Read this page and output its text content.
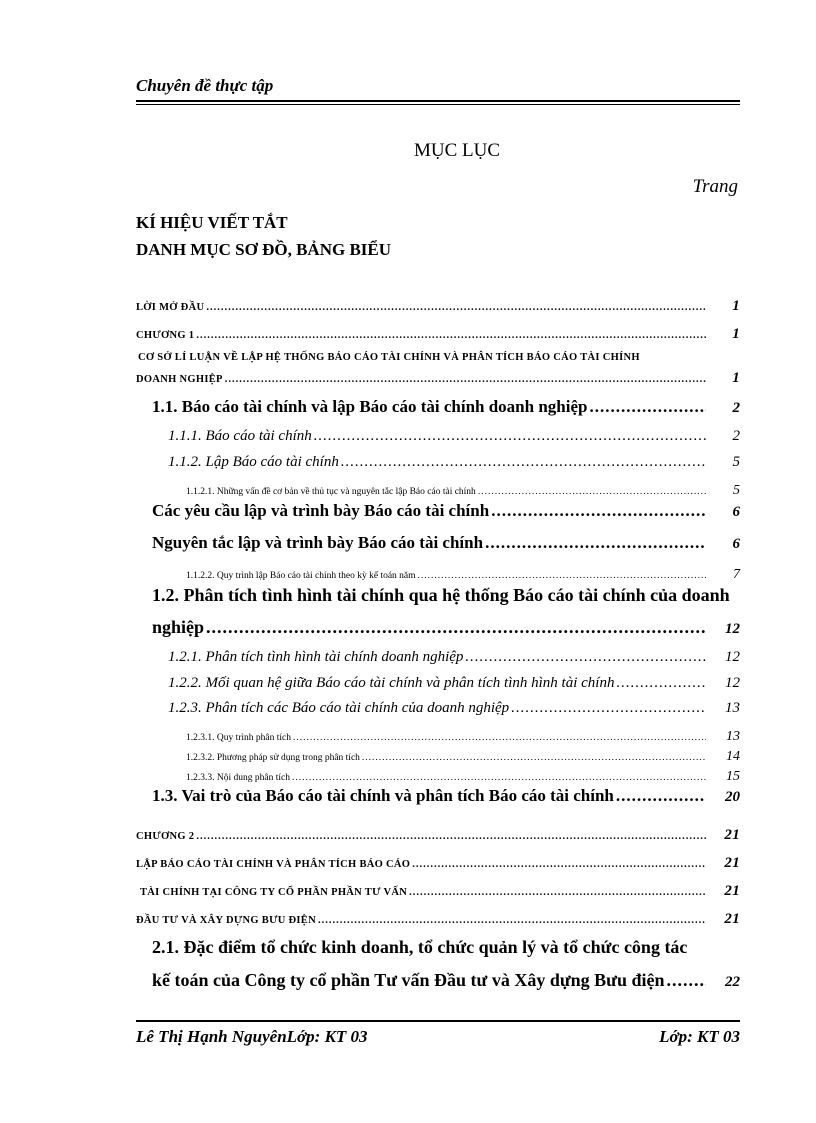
Chuyên đề thực tập
MỤC LỤC
Trang
KÍ HIỆU VIẾT TẮT
DANH MỤC SƠ ĐỒ, BẢNG BIỂU
LỜI MỞ ĐẦU .....	1
CHƯƠNG 1 .....	1
CƠ SỞ LÍ LUẬN VỀ LẬP HỆ THỐNG BÁO CÁO TÀI CHÍNH VÀ PHÂN TÍCH BÁO CÁO TÀI CHÍNH
DOANH NGHIỆP .....	1
1.1. Báo cáo tài chính và lập Báo cáo tài chính doanh nghiệp .....	2
1.1.1. Báo cáo tài chính .....	2
1.1.2. Lập Báo cáo tài chính .....	5
1.1.2.1. Những vấn đề cơ bản về thủ tục và nguyên tắc lập Báo cáo tài chính .....	5
Các yêu cầu lập và trình bày Báo cáo tài chính .....	6
Nguyên tắc lập và trình bày Báo cáo tài chính .....	6
1.1.2.2. Quy trình lập Báo cáo tài chính theo kỳ kế toán năm .....	7
1.2. Phân tích tình hình tài chính qua hệ thống Báo cáo tài chính của doanh
nghiệp .....	12
1.2.1. Phân tích tình hình tài chính doanh nghiệp .....	12
1.2.2. Mối quan hệ giữa Báo cáo tài chính và phân tích tình hình tài chính .....	12
1.2.3. Phân tích các Báo cáo tài chính của doanh nghiệp .....	13
1.2.3.1. Quy trình phân tích .....	13
1.2.3.2. Phương pháp sử dụng trong phân tích .....	14
1.2.3.3. Nội dung phân tích .....	15
1.3. Vai trò của Báo cáo tài chính và phân tích Báo cáo tài chính .....	20
CHƯƠNG 2 .....	21
LẬP BÁO CÁO TÀI CHÍNH VÀ PHÂN TÍCH BÁO CÁO .....	21
TÀI CHÍNH TẠI CÔNG TY CỔ PHẦN PHẦN TƯ VẤN .....	21
ĐẦU TƯ VÀ XÂY DỰNG BƯU ĐIỆN .....	21
2.1. Đặc điểm tổ chức kinh doanh, tổ chức quản lý và tổ chức công tác
kế toán của Công ty cổ phần Tư vấn Đầu tư và Xây dựng Bưu điện .....	22
Lê Thị Hạnh NguyênLớp: KT 03	Lớp: KT 03
